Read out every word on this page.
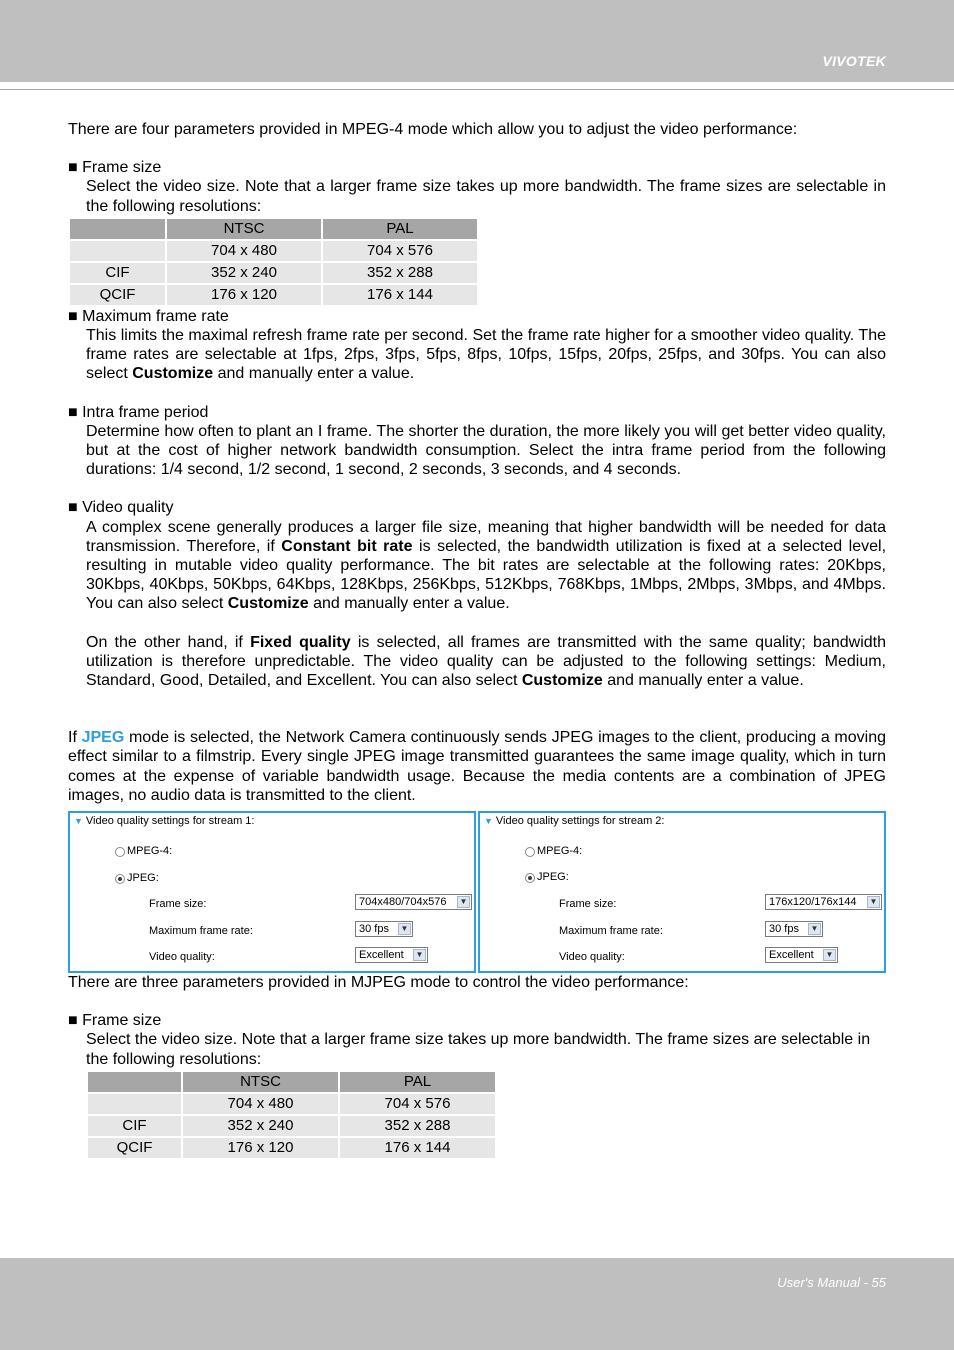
VIVOTEK

There are four parameters provided in MPEG-4 mode which allow you to adjust the video performance:

■ Frame size

Select the video size. Note that a larger frame size takes up more bandwidth. The frame sizes are selectable in the following resolutions:

	NTSC	PAL
	704 x 480	704 x 576
CIF	352 x 240	352 x 288
QCIF	176 x 120	176 x 144

■ Maximum frame rate

This limits the maximal refresh frame rate per second. Set the frame rate higher for a smoother video quality. The frame rates are selectable at 1fps, 2fps, 3fps, 5fps, 8fps, 10fps, 15fps, 20fps, 25fps, and 30fps. You can also select Customize and manually enter a value.

■ Intra frame period

Determine how often to plant an I frame. The shorter the duration, the more likely you will get better video quality, but at the cost of higher network bandwidth consumption. Select the intra frame period from the following durations: 1/4 second, 1/2 second, 1 second, 2 seconds, 3 seconds, and 4 seconds.

■ Video quality

A complex scene generally produces a larger file size, meaning that higher bandwidth will be needed for data transmission. Therefore, if Constant bit rate is selected, the bandwidth utilization is fixed at a selected level, resulting in mutable video quality performance. The bit rates are selectable at the following rates: 20Kbps, 30Kbps, 40Kbps, 50Kbps, 64Kbps, 128Kbps, 256Kbps, 512Kbps, 768Kbps, 1Mbps, 2Mbps, 3Mbps, and 4Mbps. You can also select Customize and manually enter a value.

On the other hand, if Fixed quality is selected, all frames are transmitted with the same quality; bandwidth utilization is therefore unpredictable. The video quality can be adjusted to the following settings: Medium, Standard, Good, Detailed, and Excellent. You can also select Customize and manually enter a value.

If JPEG mode is selected, the Network Camera continuously sends JPEG images to the client, producing a moving effect similar to a filmstrip. Every single JPEG image transmitted guarantees the same image quality, which in turn comes at the expense of variable bandwidth usage. Because the media contents are a combination of JPEG images, no audio data is transmitted to the client.

▼ Video quality settings for stream 1:
MPEG-4:
JPEG:
Frame size:	704x480/704x576	▼
Maximum frame rate:	30 fps	▼
Video quality:	Excellent	▼
▼ Video quality settings for stream 2:
MPEG-4:
JPEG:
Frame size:	176x120/176x144	▼
Maximum frame rate:	30 fps	▼
Video quality:	Excellent	▼

There are three parameters provided in MJPEG mode to control the video performance:

■ Frame size

Select the video size. Note that a larger frame size takes up more bandwidth. The frame sizes are selectable in the following resolutions:

	NTSC	PAL
	704 x 480	704 x 576
CIF	352 x 240	352 x 288
QCIF	176 x 120	176 x 144
User's Manual - 55
